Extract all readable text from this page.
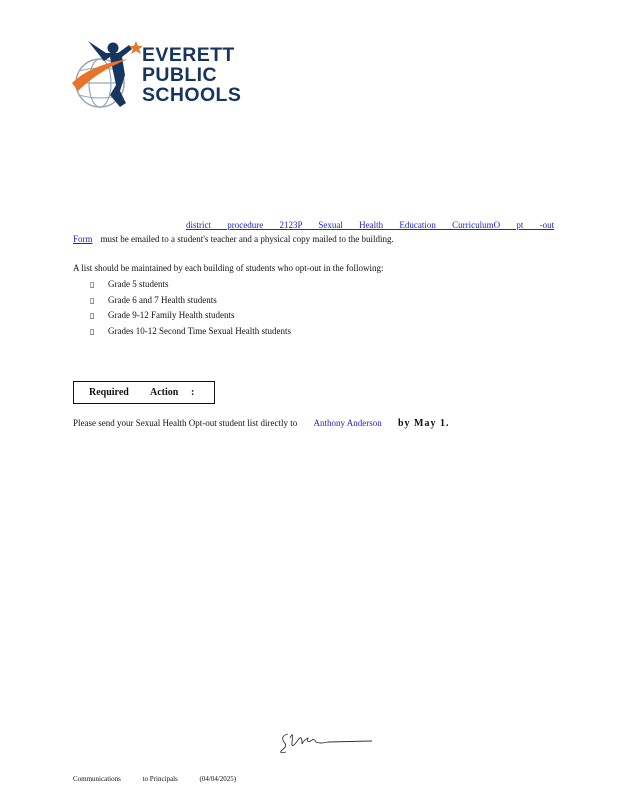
EVERETT
PUBLIC
SCHOOLS
district procedure 2123P Sexual Health Education CurriculumO pt -out
Form must be emailed to a student's teacher and a physical copy mailed to the building.
A list should be maintained by each building of students who opt-out in the following:
▯ Grade 5 students
▯ Grade 6 and 7 Health students
▯ Grade 9-12 Family Health students
▯ Grades 10-12 Second Time Sexual Health students
Required Action :
Please send your Sexual Health Opt-out student list directly to Anthony Anderson by May 1.
Communications	to Principals	(04/04/2025)
